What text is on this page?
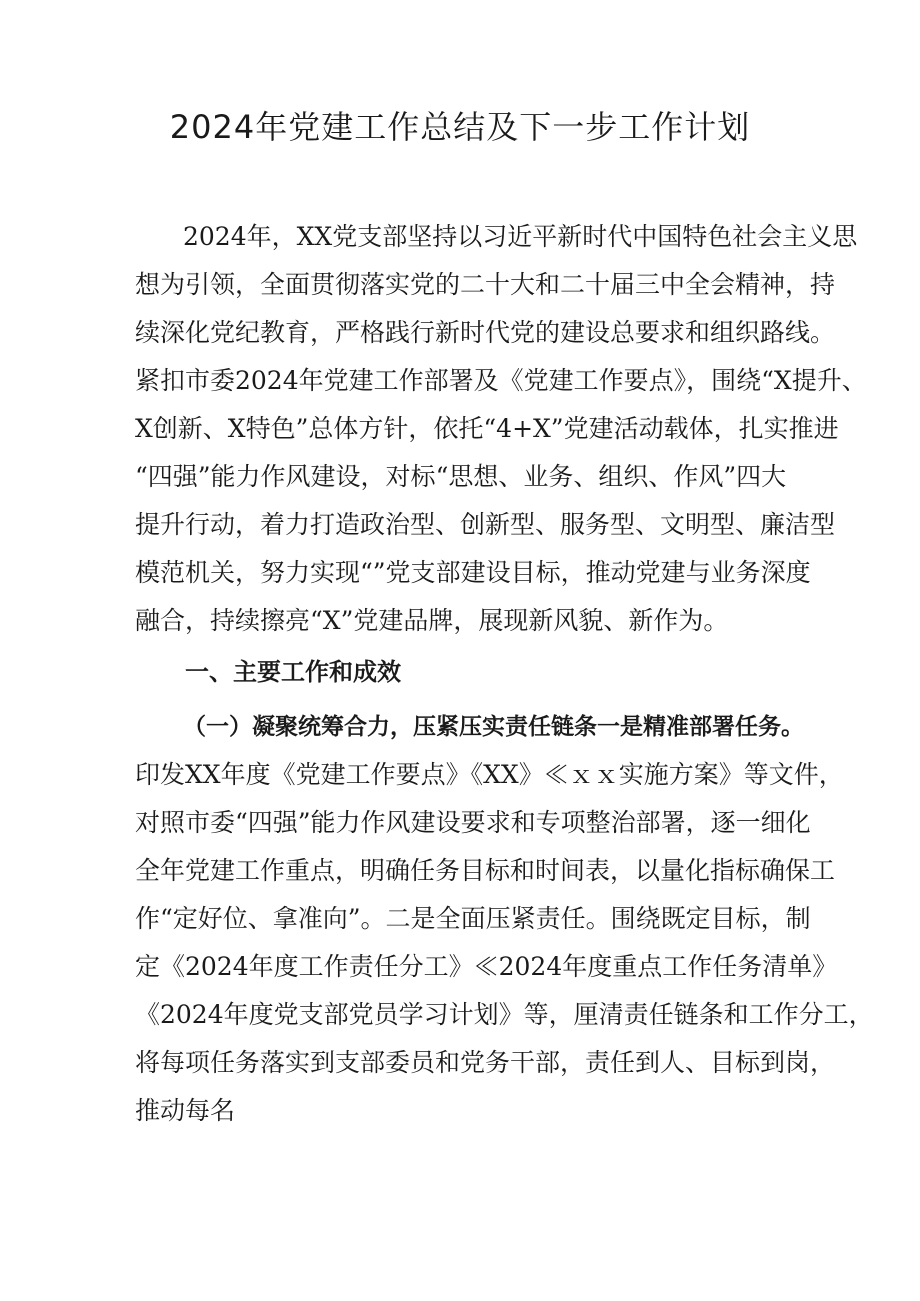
2024年党建工作总结及下一步工作计划
2024年，XX党支部坚持以习近平新时代中国特色社会主义思
想为引领，全面贯彻落实党的二十大和二十届三中全会精神，持
续深化党纪教育，严格践行新时代党的建设总要求和组织路线。
紧扣市委2024年党建工作部署及《党建工作要点》，围绕“X提升、
X创新、X特色”总体方针，依托“4+X”党建活动载体，扎实推进
“四强”能力作风建设，对标“思想、业务、组织、作风”四大
提升行动，着力打造政治型、创新型、服务型、文明型、廉洁型
模范机关，努力实现“”党支部建设目标，推动党建与业务深度
融合，持续擦亮“X”党建品牌，展现新风貌、新作为。
一、主要工作和成效
（一）凝聚统筹合力，压紧压实责任链条一是精准部署任务。
印发XX年度《党建工作要点》《XX》≪ｘｘ实施方案》等文件，
对照市委“四强”能力作风建设要求和专项整治部署，逐一细化
全年党建工作重点，明确任务目标和时间表，以量化指标确保工
作“定好位、拿准向”。二是全面压紧责任。围绕既定目标，制
定《2024年度工作责任分工》≪2024年度重点工作任务清单》
《2024年度党支部党员学习计划》等，厘清责任链条和工作分工，
将每项任务落实到支部委员和党务干部，责任到人、目标到岗，
推动每名
